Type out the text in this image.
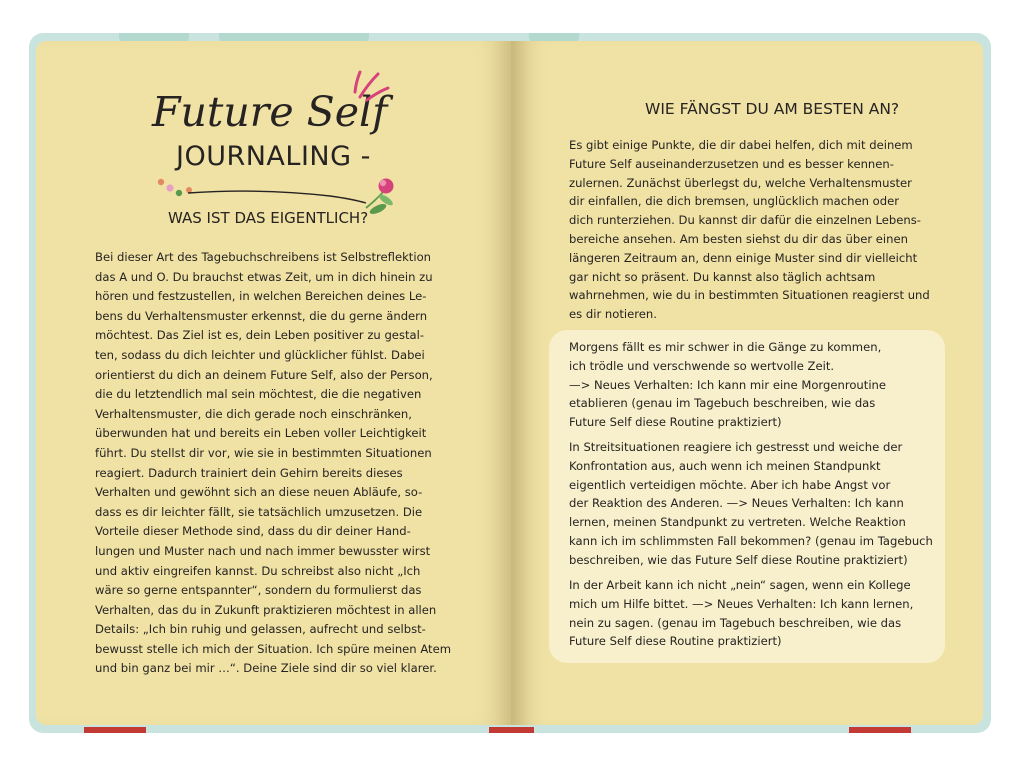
Future Self
JOURNALING -
WAS IST DAS EIGENTLICH?
Bei dieser Art des Tagebuchschreibens ist Selbstreflektion
das A und O. Du brauchst etwas Zeit, um in dich hinein zu
hören und festzustellen, in welchen Bereichen deines Le-
bens du Verhaltensmuster erkennst, die du gerne ändern
möchtest. Das Ziel ist es, dein Leben positiver zu gestal-
ten, sodass du dich leichter und glücklicher fühlst. Dabei
orientierst du dich an deinem Future Self, also der Person,
die du letztendlich mal sein möchtest, die die negativen
Verhaltensmuster, die dich gerade noch einschränken,
überwunden hat und bereits ein Leben voller Leichtigkeit
führt. Du stellst dir vor, wie sie in bestimmten Situationen
reagiert. Dadurch trainiert dein Gehirn bereits dieses
Verhalten und gewöhnt sich an diese neuen Abläufe, so-
dass es dir leichter fällt, sie tatsächlich umzusetzen. Die
Vorteile dieser Methode sind, dass du dir deiner Hand-
lungen und Muster nach und nach immer bewusster wirst
und aktiv eingreifen kannst. Du schreibst also nicht „Ich
wäre so gerne entspannter“, sondern du formulierst das
Verhalten, das du in Zukunft praktizieren möchtest in allen
Details: „Ich bin ruhig und gelassen, aufrecht und selbst-
bewusst stelle ich mich der Situation. Ich spüre meinen Atem
und bin ganz bei mir …“. Deine Ziele sind dir so viel klarer.
WIE FÄNGST DU AM BESTEN AN?
Es gibt einige Punkte, die dir dabei helfen, dich mit deinem
Future Self auseinanderzusetzen und es besser kennen-
zulernen. Zunächst überlegst du, welche Verhaltensmuster
dir einfallen, die dich bremsen, unglücklich machen oder
dich runterziehen. Du kannst dir dafür die einzelnen Lebens-
bereiche ansehen. Am besten siehst du dir das über einen
längeren Zeitraum an, denn einige Muster sind dir vielleicht
gar nicht so präsent. Du kannst also täglich achtsam
wahrnehmen, wie du in bestimmten Situationen reagierst und
es dir notieren.
Morgens fällt es mir schwer in die Gänge zu kommen,
ich trödle und verschwende so wertvolle Zeit.
—> Neues Verhalten: Ich kann mir eine Morgenroutine
etablieren (genau im Tagebuch beschreiben, wie das
Future Self diese Routine praktiziert)
In Streitsituationen reagiere ich gestresst und weiche der
Konfrontation aus, auch wenn ich meinen Standpunkt
eigentlich verteidigen möchte. Aber ich habe Angst vor
der Reaktion des Anderen. —> Neues Verhalten: Ich kann
lernen, meinen Standpunkt zu vertreten. Welche Reaktion
kann ich im schlimmsten Fall bekommen? (genau im Tagebuch
beschreiben, wie das Future Self diese Routine praktiziert)
In der Arbeit kann ich nicht „nein“ sagen, wenn ein Kollege
mich um Hilfe bittet. —> Neues Verhalten: Ich kann lernen,
nein zu sagen. (genau im Tagebuch beschreiben, wie das
Future Self diese Routine praktiziert)
